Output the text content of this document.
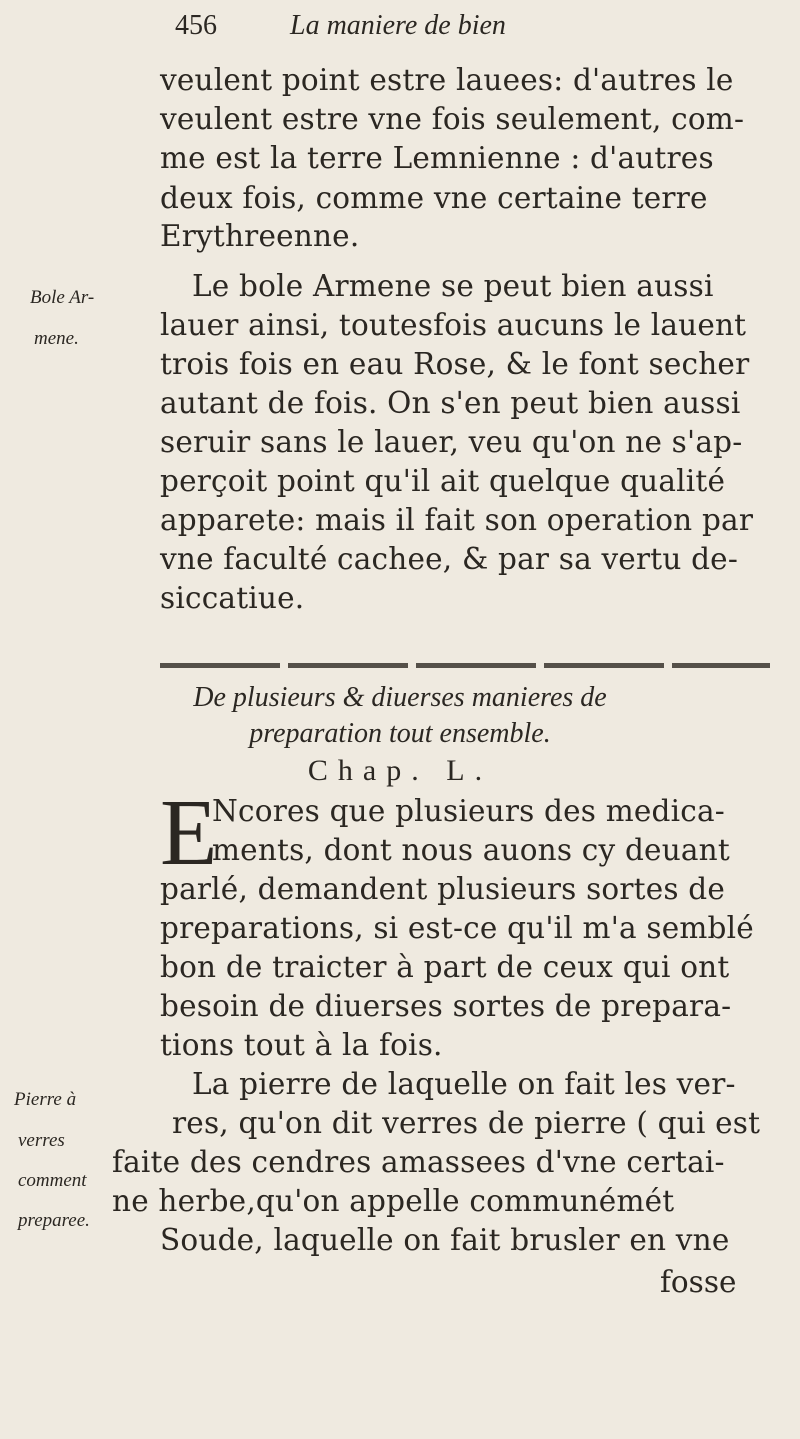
456	La maniere de bien
veulent point estre lauees: d'autres le
veulent estre vne fois seulement, com-
me est la terre Lemnienne : d'autres
deux fois, comme vne certaine terre
Erythreenne.
Bole Ar-
mene.
Le bole Armene se peut bien aussi
lauer ainsi, toutesfois aucuns le lauent
trois fois en eau Rose, & le font secher
autant de fois. On s'en peut bien aussi
seruir sans le lauer, veu qu'on ne s'ap-
perçoit point qu'il ait quelque qualité
apparete: mais il fait son operation par
vne faculté cachee, & par sa vertu de-
siccatiue.
De plusieurs & diuerses manieres de
preparation tout ensemble.
Chap. L.
E
Ncores que plusieurs des medica-
ments, dont nous auons cy deuant
parlé, demandent plusieurs sortes de
preparations, si est-ce qu'il m'a semblé
bon de traicter à part de ceux qui ont
besoin de diuerses sortes de prepara-
tions tout à la fois.
Pierre à
verres
comment
preparee.
La pierre de laquelle on fait les ver-
res, qu'on dit verres de pierre ( qui est
faite des cendres amassees d'vne certai-
ne herbe,qu'on appelle communémét
Soude, laquelle on fait brusler en vne
fosse
